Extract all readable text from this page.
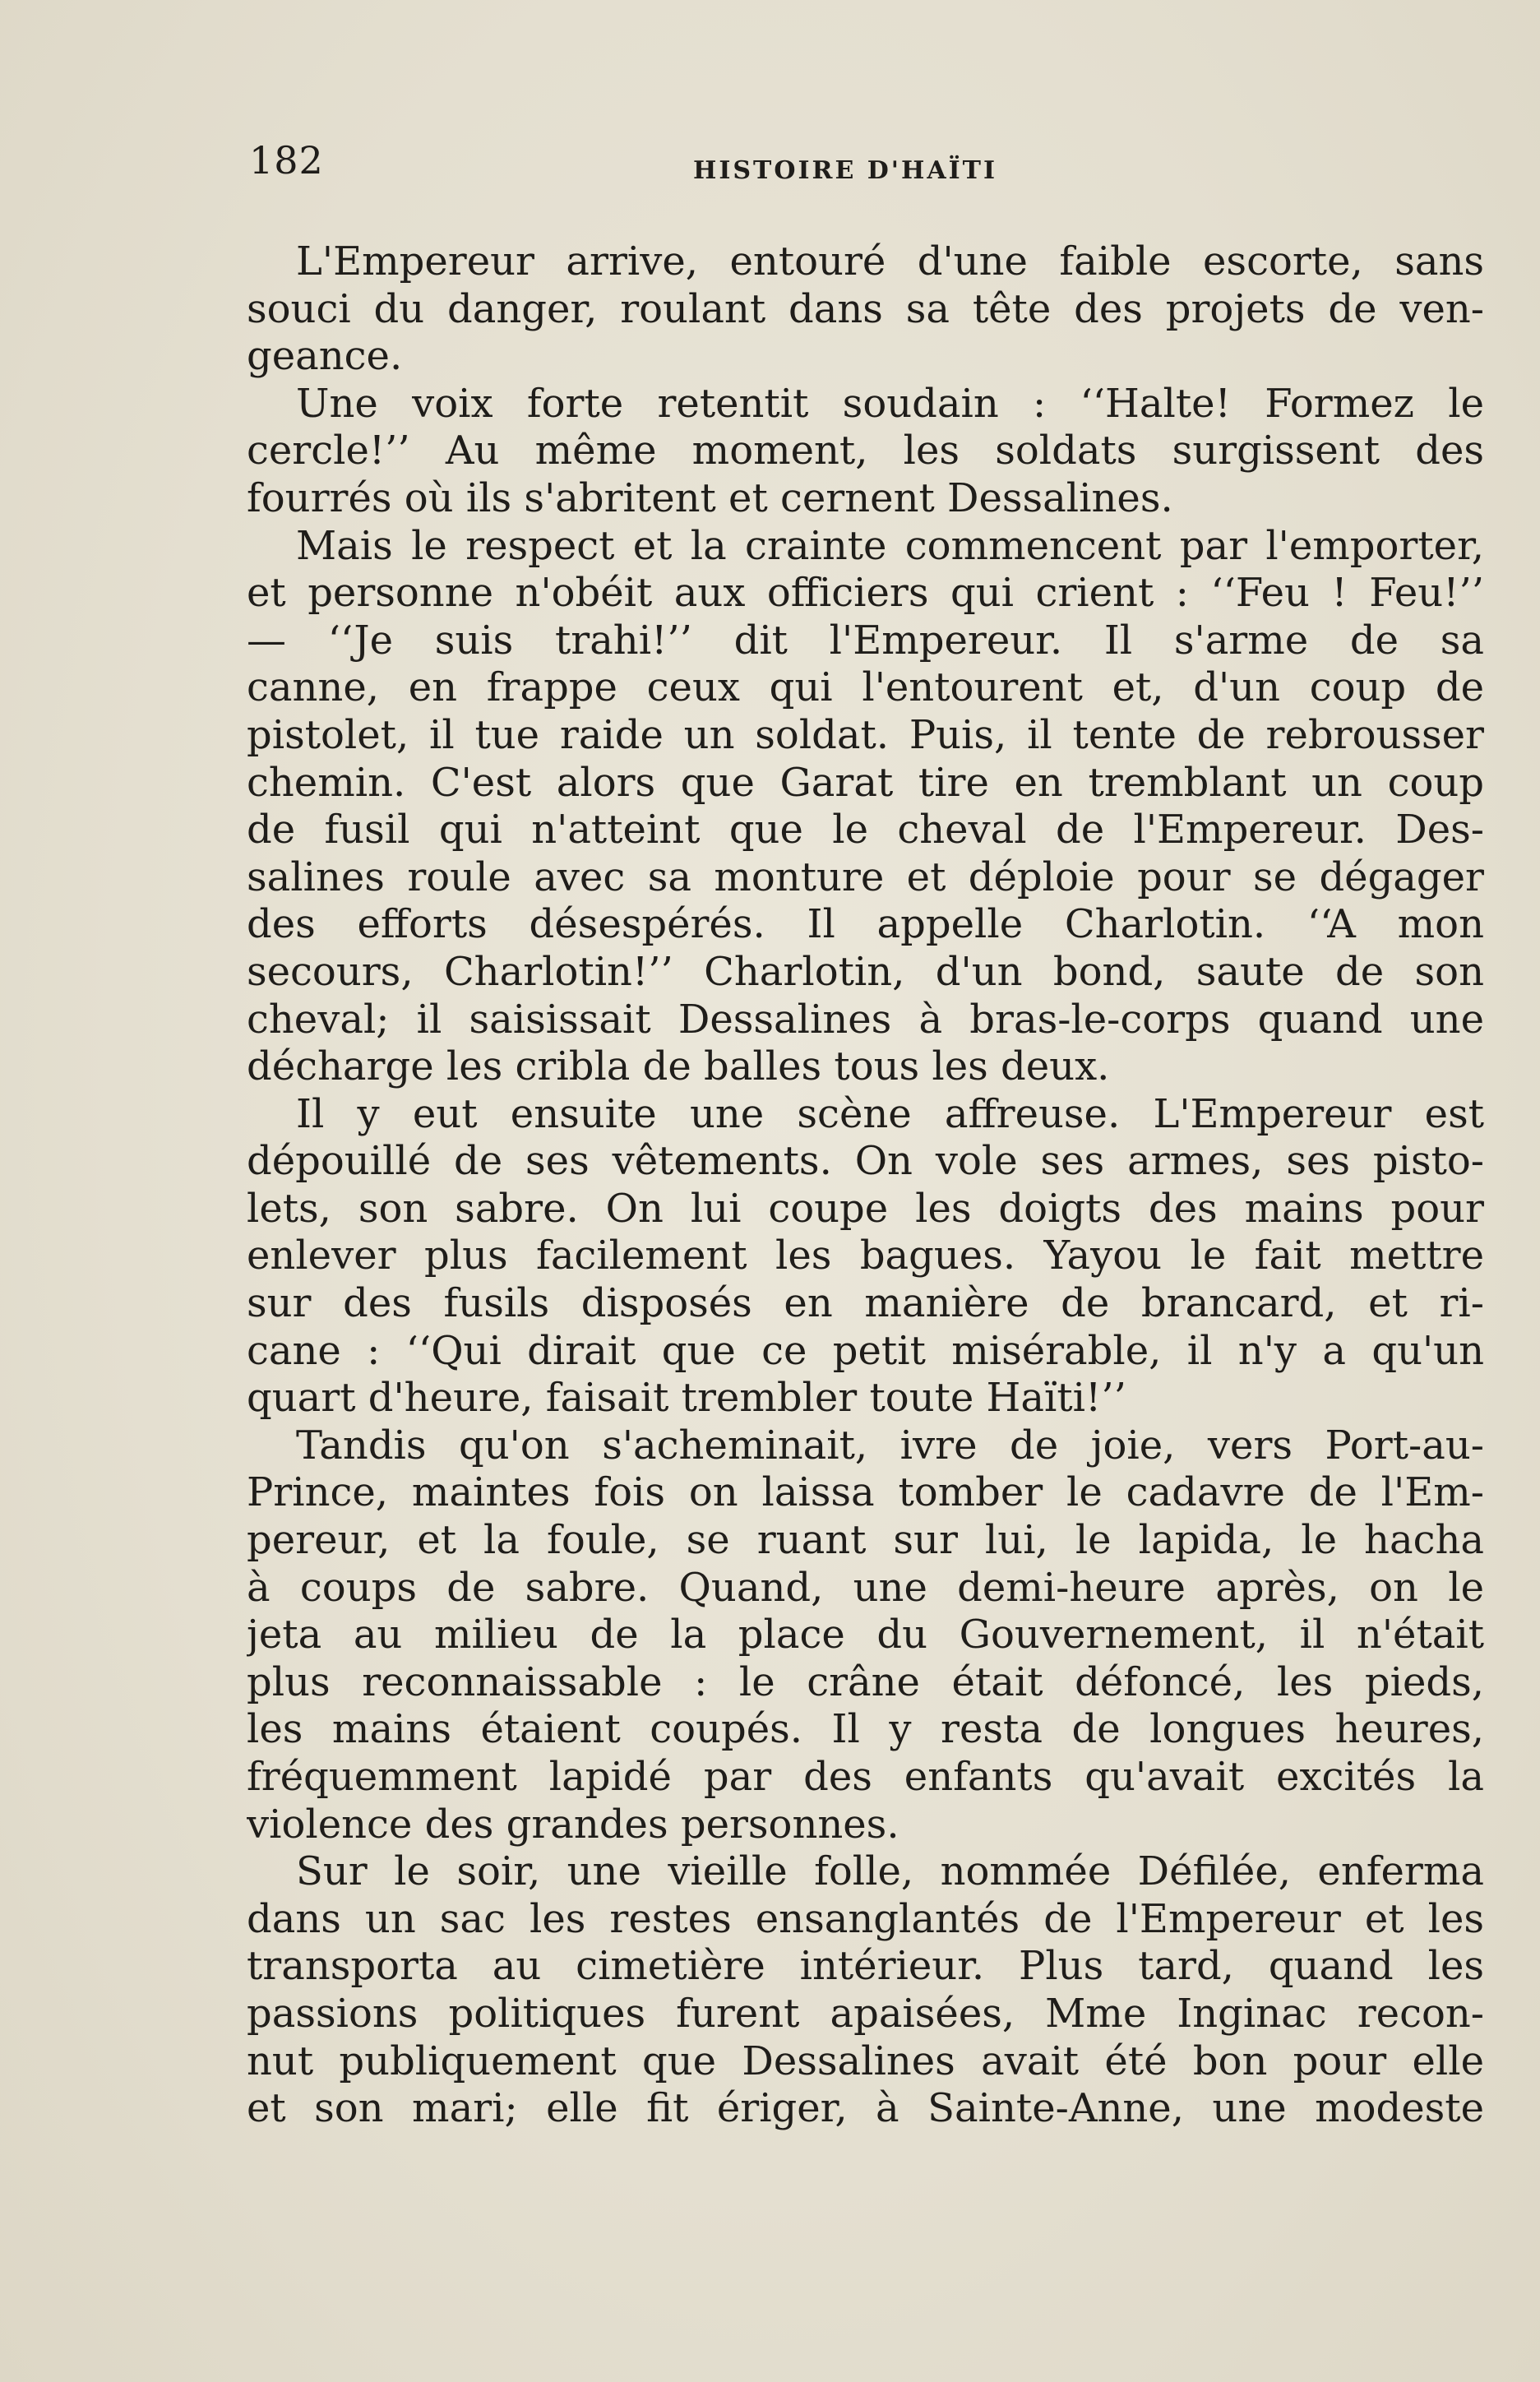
182	HISTOIRE D'HAÏTI
L'Empereur arrive, entouré d'une faible escorte, sans
souci du danger, roulant dans sa tête des projets de ven-
geance.
Une voix forte retentit soudain : ‘‘Halte! Formez le
cercle!’’ Au même moment, les soldats surgissent des
fourrés où ils s'abritent et cernent Dessalines.
Mais le respect et la crainte commencent par l'emporter,
et personne n'obéit aux officiers qui crient : ‘‘Feu ! Feu!’’
— ‘‘Je suis trahi!’’ dit l'Empereur. Il s'arme de sa
canne, en frappe ceux qui l'entourent et, d'un coup de
pistolet, il tue raide un soldat. Puis, il tente de rebrousser
chemin. C'est alors que Garat tire en tremblant un coup
de fusil qui n'atteint que le cheval de l'Empereur. Des-
salines roule avec sa monture et déploie pour se dégager
des efforts désespérés. Il appelle Charlotin. ‘‘A mon
secours, Charlotin!’’ Charlotin, d'un bond, saute de son
cheval; il saisissait Dessalines à bras-le-corps quand une
décharge les cribla de balles tous les deux.
Il y eut ensuite une scène affreuse. L'Empereur est
dépouillé de ses vêtements. On vole ses armes, ses pisto-
lets, son sabre. On lui coupe les doigts des mains pour
enlever plus facilement les bagues. Yayou le fait mettre
sur des fusils disposés en manière de brancard, et ri-
cane : ‘‘Qui dirait que ce petit misérable, il n'y a qu'un
quart d'heure, faisait trembler toute Haïti!’’
Tandis qu'on s'acheminait, ivre de joie, vers Port-au-
Prince, maintes fois on laissa tomber le cadavre de l'Em-
pereur, et la foule, se ruant sur lui, le lapida, le hacha
à coups de sabre. Quand, une demi-heure après, on le
jeta au milieu de la place du Gouvernement, il n'était
plus reconnaissable : le crâne était défoncé, les pieds,
les mains étaient coupés. Il y resta de longues heures,
fréquemment lapidé par des enfants qu'avait excités la
violence des grandes personnes.
Sur le soir, une vieille folle, nommée Défilée, enferma
dans un sac les restes ensanglantés de l'Empereur et les
transporta au cimetière intérieur. Plus tard, quand les
passions politiques furent apaisées, Mme Inginac recon-
nut publiquement que Dessalines avait été bon pour elle
et son mari; elle fit ériger, à Sainte-Anne, une modeste
